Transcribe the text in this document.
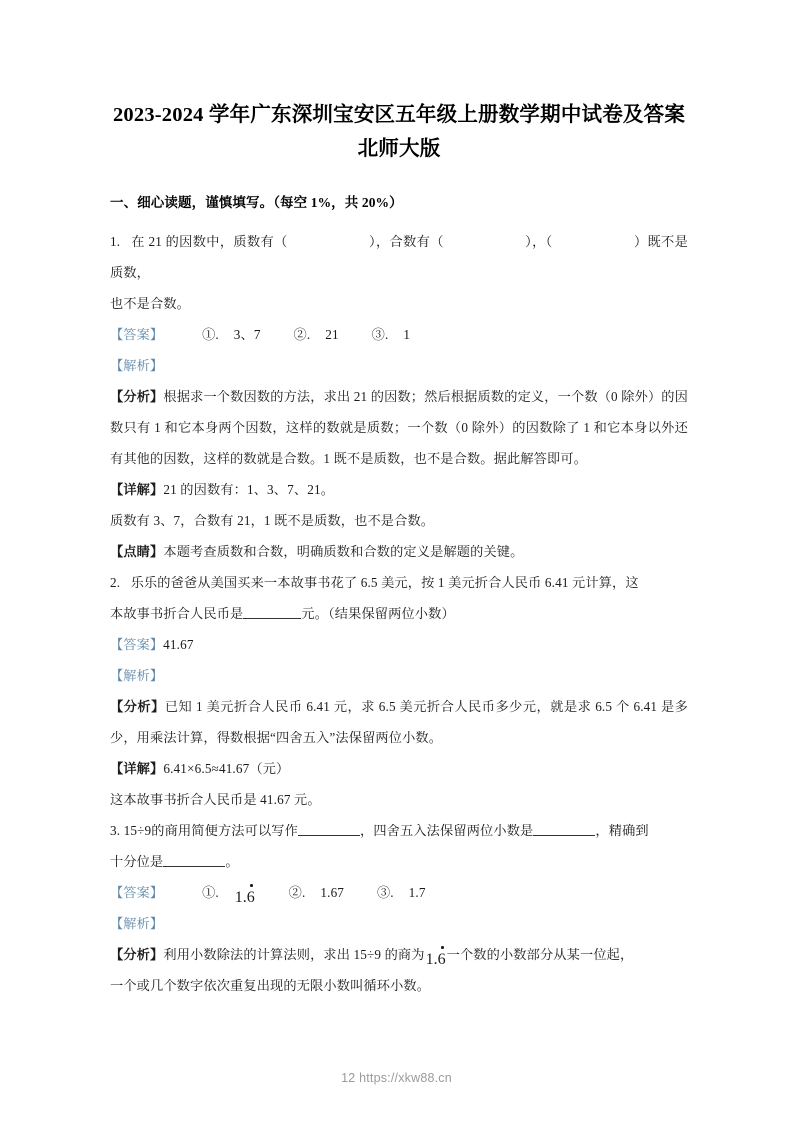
2023-2024 学年广东深圳宝安区五年级上册数学期中试卷及答案北师大版
一、细心读题，谨慎填写。（每空 1%，共 20%）
1. 在 21 的因数中，质数有（	），合数有（	），（	）既不是质数，
也不是合数。
【答案】	①. 3、7 ②. 21 ③. 1
【解析】
【分析】根据求一个数因数的方法，求出 21 的因数；然后根据质数的定义，一个数（0 除外）的因数只有 1 和它本身两个因数，这样的数就是质数；一个数（0 除外）的因数除了 1 和它本身以外还有其他的因数，这样的数就是合数。1 既不是质数，也不是合数。据此解答即可。
【详解】21 的因数有：1、3、7、21。
质数有 3、7，合数有 21，1 既不是质数，也不是合数。
【点睛】本题考查质数和合数，明确质数和合数的定义是解题的关键。
2. 乐乐的爸爸从美国买来一本故事书花了 6.5 美元，按 1 美元折合人民币 6.41 元计算，这
本故事书折合人民币是	元。（结果保留两位小数）
【答案】41.67
【解析】
【分析】已知 1 美元折合人民币 6.41 元，求 6.5 美元折合人民币多少元，就是求 6.5 个 6.41 是多少，用乘法计算，得数根据“四舍五入”法保留两位小数。
【详解】6.41×6.5≈41.67（元）
这本故事书折合人民币是 41.67 元。
3. 15÷9的商用简便方法可以写作	，四舍五入法保留两位小数是	，精确到
十分位是	。
【答案】	①. 1.6	②. 1.67 ③. 1.7
【解析】
【分析】利用小数除法的计算法则，求出 15÷9 的商为1.6
一个数的小数部分从某一位起，
一个或几个数字依次重复出现的无限小数叫循环小数。
12 https://xkw88.cn
